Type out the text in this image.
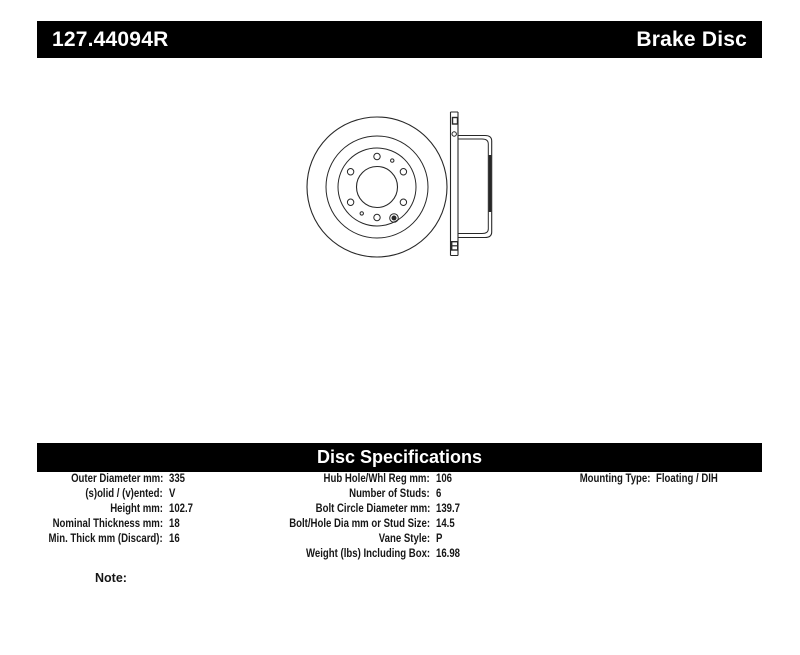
127.44094R	Brake Disc
Disc Specifications
Outer Diameter mm: 335
(s)olid / (v)ented: V
Height mm: 102.7
Nominal Thickness mm: 18
Min. Thick mm (Discard): 16
Hub Hole/Whl Reg mm: 106
Number of Studs: 6
Bolt Circle Diameter mm: 139.7
Bolt/Hole Dia mm or Stud Size: 14.5
Vane Style: P
Weight (lbs) Including Box: 16.98
Mounting Type: Floating / DIH
Note:
